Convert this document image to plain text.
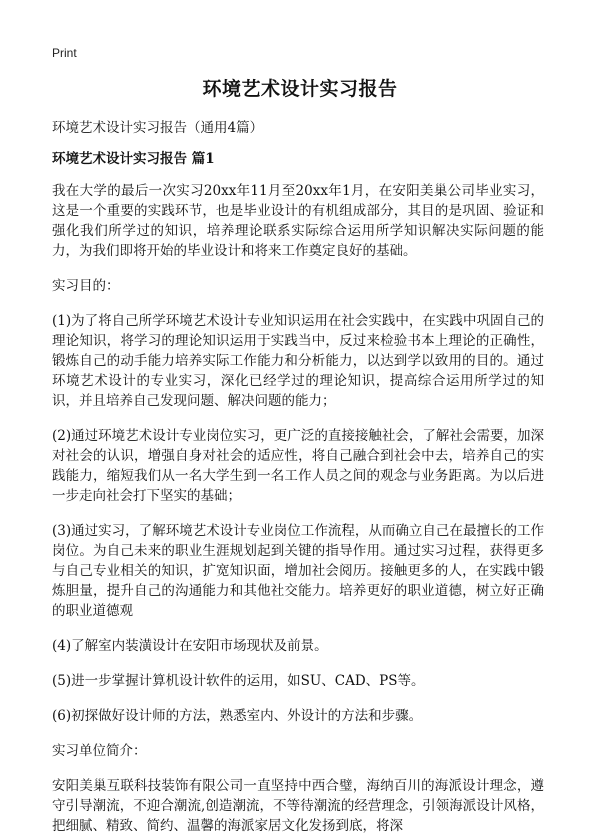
Print
环境艺术设计实习报告
环境艺术设计实习报告（通用4篇）
环境艺术设计实习报告 篇1
我在大学的最后一次实习20xx年11月至20xx年1月，在安阳美巢公司毕业实习，这是一个重要的实践环节，也是毕业设计的有机组成部分，其目的是巩固、验证和强化我们所学过的知识，培养理论联系实际综合运用所学知识解决实际问题的能力，为我们即将开始的毕业设计和将来工作奠定良好的基础。
实习目的：
(1)为了将自己所学环境艺术设计专业知识运用在社会实践中，在实践中巩固自己的理论知识，将学习的理论知识运用于实践当中，反过来检验书本上理论的正确性，锻炼自己的动手能力培养实际工作能力和分析能力，以达到学以致用的目的。通过环境艺术设计的专业实习，深化已经学过的理论知识，提高综合运用所学过的知识，并且培养自己发现问题、解决问题的能力；
(2)通过环境艺术设计专业岗位实习，更广泛的直接接触社会，了解社会需要，加深对社会的认识，增强自身对社会的适应性，将自己融合到社会中去，培养自己的实践能力，缩短我们从一名大学生到一名工作人员之间的观念与业务距离。为以后进一步走向社会打下坚实的基础；
(3)通过实习，了解环境艺术设计专业岗位工作流程，从而确立自己在最擅长的工作岗位。为自己未来的职业生涯规划起到关键的指导作用。通过实习过程，获得更多与自己专业相关的知识，扩宽知识面，增加社会阅历。接触更多的人，在实践中锻炼胆量，提升自己的沟通能力和其他社交能力。培养更好的职业道德，树立好正确的职业道德观
(4)了解室内装潢设计在安阳市场现状及前景。
(5)进一步掌握计算机设计软件的运用，如SU、CAD、PS等。
(6)初探做好设计师的方法，熟悉室内、外设计的方法和步骤。
实习单位简介：
安阳美巢互联科技装饰有限公司一直坚持中西合璧，海纳百川的海派设计理念，遵守引导潮流，不迎合潮流,创造潮流，不等待潮流的经营理念，引领海派设计风格，把细腻、精致、简约、温馨的海派家居文化发扬到底，将深
